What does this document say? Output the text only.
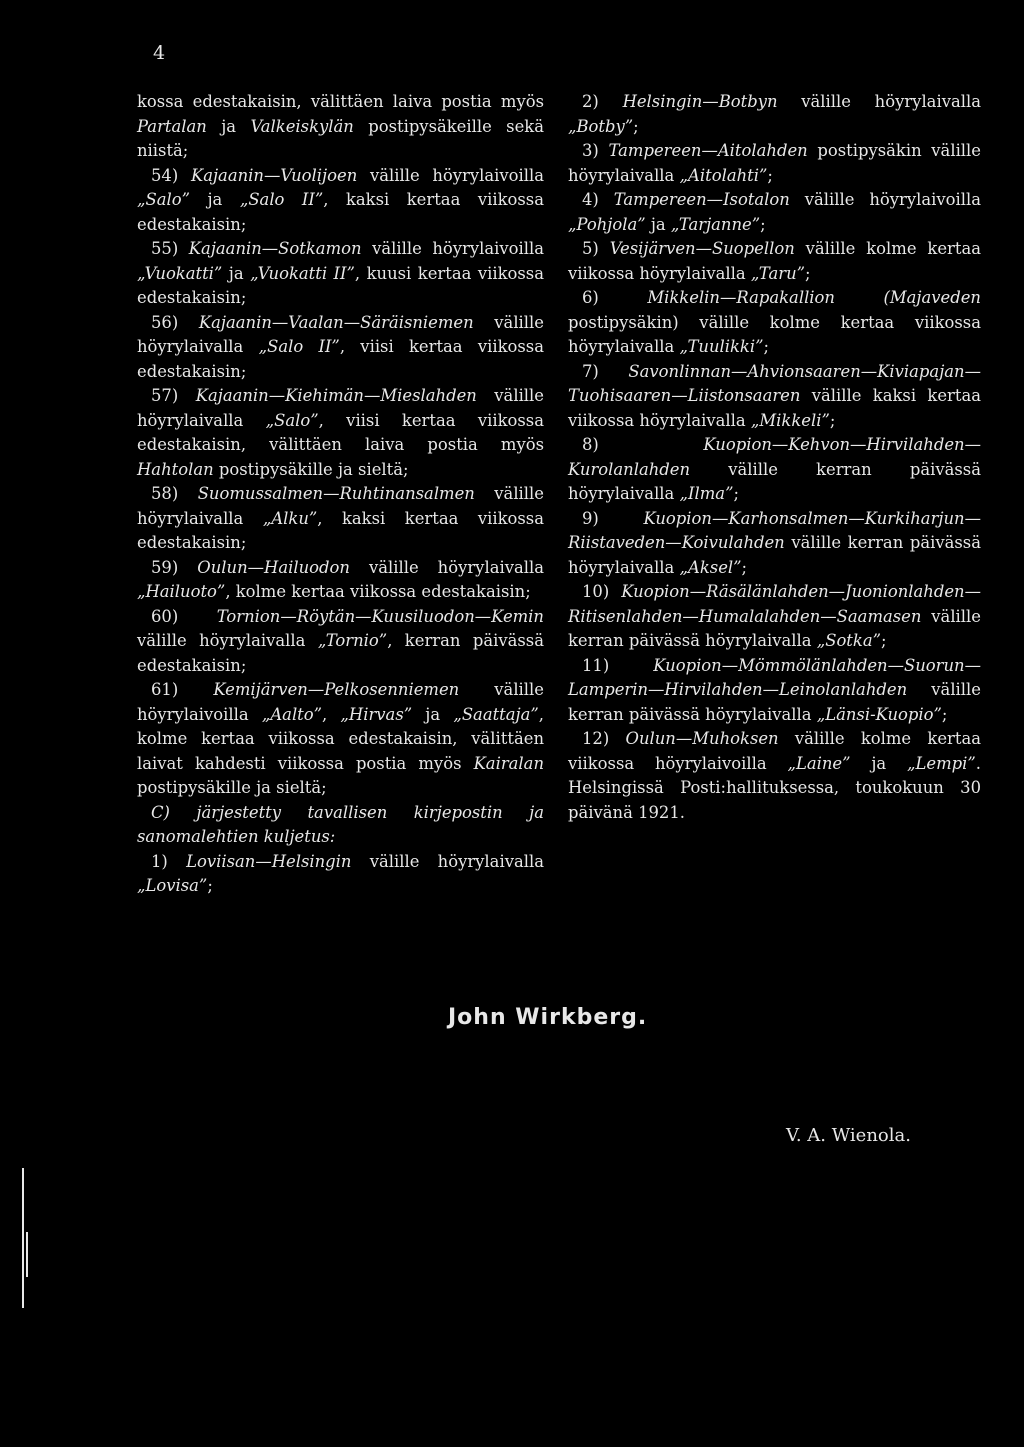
4

kossa edestakaisin, välittäen laiva postia myös Partalan ja Valkeiskylän postipysäkeille sekä niistä;

54) Kajaanin—Vuolijoen välille höyrylaivoilla „Salo” ja „Salo II”, kaksi kertaa viikossa edestakaisin;

55) Kajaanin—Sotkamon välille höyrylaivoilla „Vuokatti” ja „Vuokatti II”, kuusi kertaa viikossa edestakaisin;

56) Kajaanin—Vaalan—Säräisniemen välille höyrylaivalla „Salo II”, viisi kertaa viikossa edestakaisin;

57) Kajaanin—Kiehimän—Mieslahden välille höyrylaivalla „Salo”, viisi kertaa viikossa edestakaisin, välittäen laiva postia myös Hahtolan postipysäkille ja sieltä;

58) Suomussalmen—Ruhtinansalmen välille höyrylaivalla „Alku”, kaksi kertaa viikossa edestakaisin;

59) Oulun—Hailuodon välille höyrylaivalla „Hailuoto”, kolme kertaa viikossa edestakaisin;

60) Tornion—Röytän—Kuusiluodon—Kemin välille höyrylaivalla „Tornio”, kerran päivässä edestakaisin;

61) Kemijärven—Pelkosenniemen välille höyrylaivoilla „Aalto”, „Hirvas” ja „Saattaja”, kolme kertaa viikossa edestakaisin, välittäen laivat kahdesti viikossa postia myös Kairalan postipysäkille ja sieltä;

C) järjestetty tavallisen kirjepostin ja sanomalehtien kuljetus:

1) Loviisan—Helsingin välille höyrylaivalla „Lovisa”;

2) Helsingin—Botbyn välille höyrylaivalla „Botby”;

3) Tampereen—Aitolahden postipysäkin välille höyrylaivalla „Aitolahti”;

4) Tampereen—Isotalon välille höyrylaivoilla „Pohjola” ja „Tarjanne”;

5) Vesijärven—Suopellon välille kolme kertaa viikossa höyrylaivalla „Taru”;

6) Mikkelin—Rapakallion (Majaveden postipysäkin) välille kolme kertaa viikossa höyrylaivalla „Tuulikki”;

7) Savonlinnan—Ahvionsaaren—Kiviapajan—Tuohisaaren—Liistonsaaren välille kaksi kertaa viikossa höyrylaivalla „Mikkeli”;

8) Kuopion—Kehvon—Hirvilahden—Kurolanlahden välille kerran päivässä höyrylaivalla „Ilma”;

9) Kuopion—Karhonsalmen—Kurkiharjun—Riistaveden—Koivulahden välille kerran päivässä höyrylaivalla „Aksel”;

10) Kuopion—Räsälänlahden—Juonionlahden—Ritisenlahden—Humalalahden—Saamasen välille kerran päivässä höyrylaivalla „Sotka”;

11) Kuopion—Mömmölänlahden—Suorun—Lamperin—Hirvilahden—Leinolanlahden välille kerran päivässä höyrylaivalla „Länsi-Kuopio”;

12) Oulun—Muhoksen välille kolme kertaa viikossa höyrylaivoilla „Laine” ja „Lempi”. Helsingissä Posti:hallituksessa, toukokuun 30 päivänä 1921.

John Wirkberg.
V. A. Wienola.
